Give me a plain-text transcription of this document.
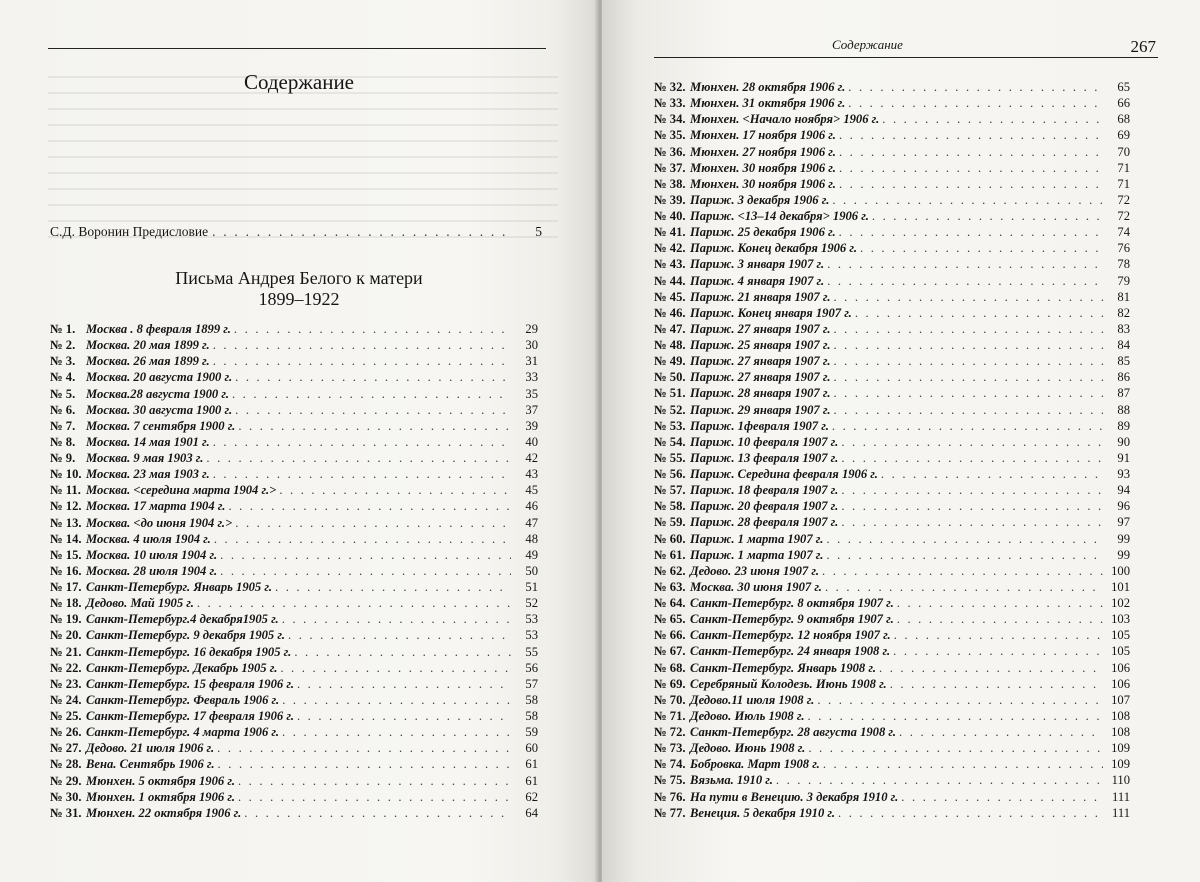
Содержание
С.Д. Воронин Предисловие . . .	5
Письма Андрея Белого к матери
1899–1922
№ 1. Москва . 8 февраля 1899 г. . . .	29
№ 2. Москва. 20 мая 1899 г. . . .	30
№ 3. Москва. 26 мая 1899 г. . . .	31
№ 4. Москва. 20 августа 1900 г. . . .	33
№ 5. Москва.28 августа 1900 г. . . .	35
№ 6. Москва. 30 августа 1900 г. . . .	37
№ 7. Москва. 7 сентября 1900 г. . . .	39
№ 8. Москва. 14 мая 1901 г. . . .	40
№ 9. Москва. 9 мая 1903 г. . . .	42
№ 10. Москва. 23 мая 1903 г. . . .	43
№ 11. Москва. <середина марта 1904 г.> . . .	45
№ 12. Москва. 17 марта 1904 г. . . .	46
№ 13. Москва. <до июня 1904 г.> . . .	47
№ 14. Москва. 4 июля 1904 г. . . .	48
№ 15. Москва. 10 июля 1904 г. . . .	49
№ 16. Москва. 28 июля 1904 г. . . .	50
№ 17. Санкт-Петербург. Январь 1905 г. . . .	51
№ 18. Дедово. Май 1905 г. . . .	52
№ 19. Санкт-Петербург.4 декабря1905 г. . . .	53
№ 20. Санкт-Петербург. 9 декабря 1905 г. . . .	53
№ 21. Санкт-Петербург. 16 декабря 1905 г. . . .	55
№ 22. Санкт-Петербург. Декабрь 1905 г. . . .	56
№ 23. Санкт-Петербург. 15 февраля 1906 г. . . .	57
№ 24. Санкт-Петербург. Февраль 1906 г. . . .	58
№ 25. Санкт-Петербург. 17 февраля 1906 г. . . .	58
№ 26. Санкт-Петербург. 4 марта 1906 г. . . .	59
№ 27. Дедово. 21 июля 1906 г. . . .	60
№ 28. Вена. Сентябрь 1906 г. . . .	61
№ 29. Мюнхен. 5 октября 1906 г. . . .	61
№ 30. Мюнхен. 1 октября 1906 г. . . .	62
№ 31. Мюнхен. 22 октября 1906 г. . . .	64
Содержание	267
№ 32. Мюнхен. 28 октября 1906 г. . . .	65
№ 33. Мюнхен. 31 октября 1906 г. . . .	66
№ 34. Мюнхен. <Начало ноября> 1906 г. . . .	68
№ 35. Мюнхен. 17 ноября 1906 г. . . .	69
№ 36. Мюнхен. 27 ноября 1906 г. . . .	70
№ 37. Мюнхен. 30 ноября 1906 г. . . .	71
№ 38. Мюнхен. 30 ноября 1906 г. . . .	71
№ 39. Париж. 3 декабря 1906 г. . . .	72
№ 40. Париж. <13–14 декабря> 1906 г. . . .	72
№ 41. Париж. 25 декабря 1906 г. . . .	74
№ 42. Париж. Конец декабря 1906 г. . . .	76
№ 43. Париж. 3 января 1907 г. . . .	78
№ 44. Париж. 4 января 1907 г. . . .	79
№ 45. Париж. 21 января 1907 г. . . .	81
№ 46. Париж. Конец января 1907 г. . . .	82
№ 47. Париж. 27 января 1907 г. . . .	83
№ 48. Париж. 25 января 1907 г. . . .	84
№ 49. Париж. 27 января 1907 г. . . .	85
№ 50. Париж. 27 января 1907 г. . . .	86
№ 51. Париж. 28 января 1907 г. . . .	87
№ 52. Париж. 29 января 1907 г. . . .	88
№ 53. Париж. 1февраля 1907 г. . . .	89
№ 54. Париж. 10 февраля 1907 г. . . .	90
№ 55. Париж. 13 февраля 1907 г. . . .	91
№ 56. Париж. Середина февраля 1906 г. . . .	93
№ 57. Париж. 18 февраля 1907 г. . . .	94
№ 58. Париж. 20 февраля 1907 г. . . .	96
№ 59. Париж. 28 февраля 1907 г. . . .	97
№ 60. Париж. 1 марта 1907 г. . . .	99
№ 61. Париж. 1 марта 1907 г. . . .	99
№ 62. Дедово. 23 июня 1907 г. . . .	100
№ 63. Москва. 30 июня 1907 г. . . .	101
№ 64. Санкт-Петербург. 8 октября 1907 г. . . .	102
№ 65. Санкт-Петербург. 9 октября 1907 г. . . .	103
№ 66. Санкт-Петербург. 12 ноября 1907 г. . . .	105
№ 67. Санкт-Петербург. 24 января 1908 г. . . .	105
№ 68. Санкт-Петербург. Январь 1908 г. . . .	106
№ 69. Серебряный Колодезь. Июнь 1908 г. . . .	106
№ 70. Дедово.11 июля 1908 г. . . .	107
№ 71. Дедово. Июль 1908 г. . . .	108
№ 72. Санкт-Петербург. 28 августа 1908 г. . . .	108
№ 73. Дедово. Июнь 1908 г. . . .	109
№ 74. Бобровка. Март 1908 г. . . .	109
№ 75. Вязьма. 1910 г. . . .	110
№ 76. На пути в Венецию. 3 декабря 1910 г. . . .	111
№ 77. Венеция. 5 декабря 1910 г. . . .	111
